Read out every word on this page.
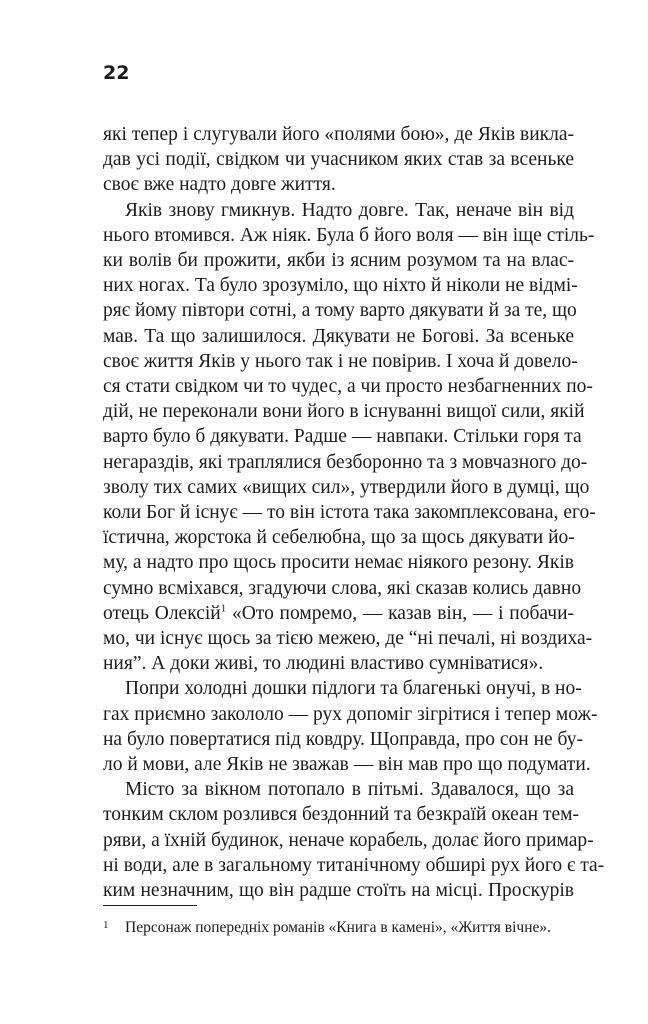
22
які тепер і слугували його «полями бою», де Яків виклa-
дав усі події, свідком чи учасником яких став за всеньке
своє вже надто довге життя.
Яків знову гмикнув. Надто довге. Так, неначе він від
нього втомився. Аж ніяк. Була б його воля — він іще стіль-
ки волів би прожити, якби із ясним розумом та на влас-
них ногах. Та було зрозуміло, що ніхто й ніколи не відмі-
ряє йому півтори сотні, а тому варто дякувати й за те, що
мав. Та що залишилося. Дякувати не Богові. За всеньке
своє життя Яків у нього так і не повірив. І хоча й довело-
ся стати свідком чи то чудес, а чи просто незбагненних по-
дій, не переконали вони його в існуванні вищої сили, якій
варто було б дякувати. Радше — навпаки. Стільки горя та
негараздів, які траплялися безборонно та з мовчазного до-
зволу тих самих «вищих сил», утвердили його в думці, що
коли Бог й існує — то він істота така закомплексована, его-
їстична, жорстока й себелюбна, що за щось дякувати йо-
му, а надто про щось просити немає ніякого резону. Яків
сумно всміхався, згадуючи слова, які сказав колись давно
отець Олексій$^1$ «Ото помремо, — казав він, — і побачи-
мо, чи існує щось за тією межею, де “ні печалі, ні воздиха-
ния”. А доки живі, то людині властиво сумніватися».
Попри холодні дошки підлоги та благенькі онучі, в но-
гах приємно закололо — рух допоміг зігрітися і тепер мож-
на було повертатися під ковдру. Щоправда, про сон не бу-
ло й мови, але Яків не зважав — він мав про що подумати.
Місто за вікном потопало в пітьмі. Здавалося, що за
тонким склом розлився бездонний та безкраїй океан тем-
ряви, а їхній будинок, неначе корабель, долає його примар-
ні води, але в загальному титанічному обширі рух його є та-
ким незначним, що він радше стоїть на місці. Проскурів
1 Персонаж попередніх романів «Книга в камені», «Життя вічне».
